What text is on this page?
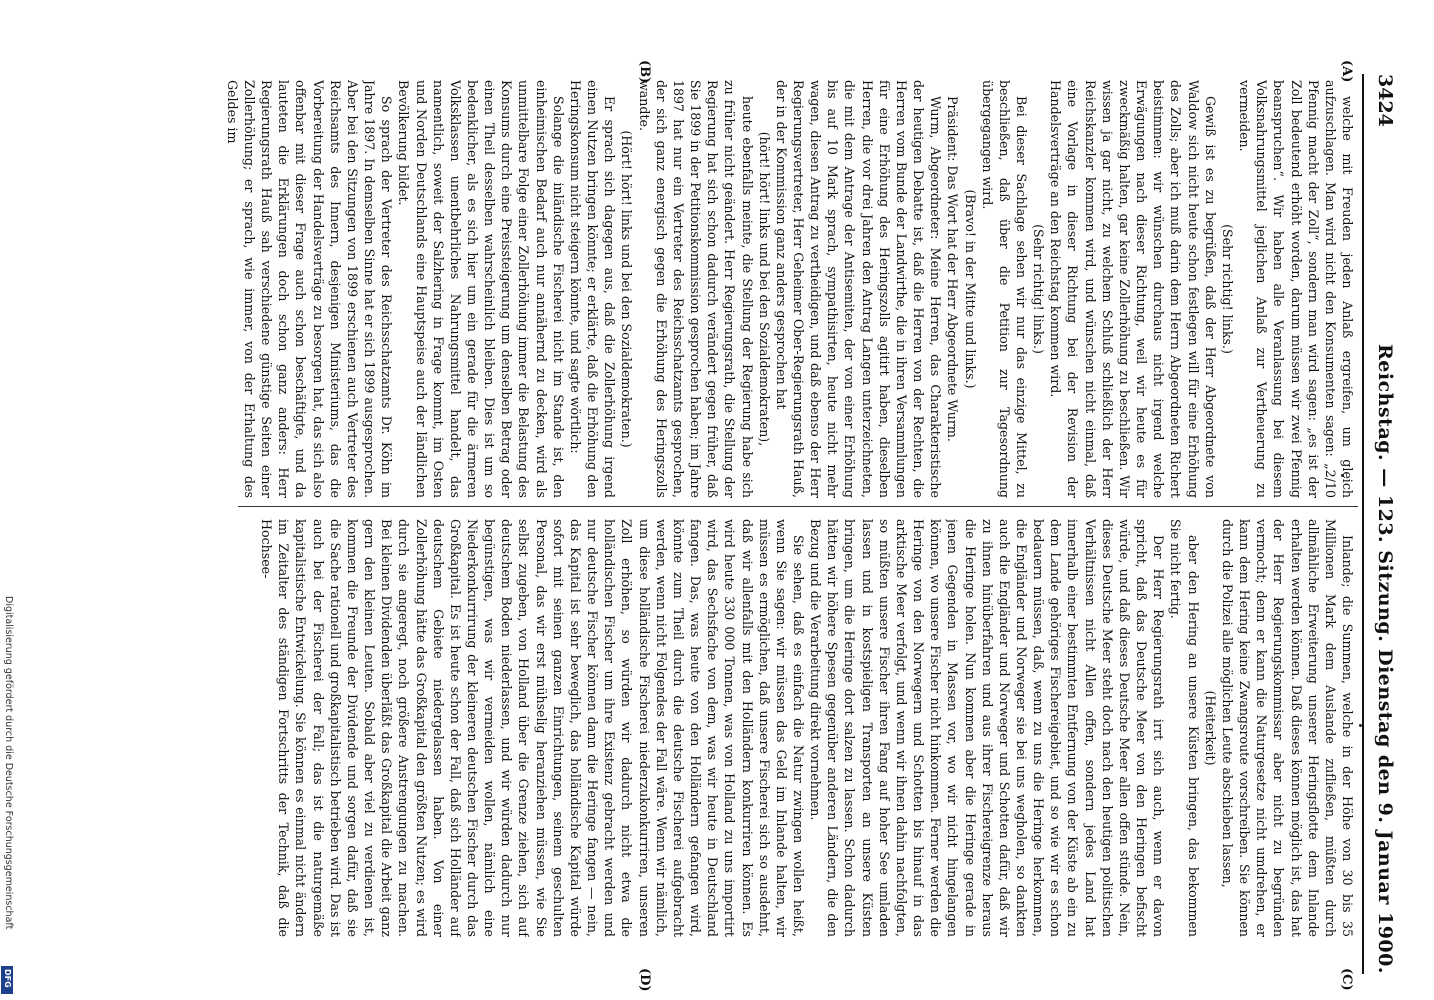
Digitalisierung gefördert durch die Deutsche Forschungsgemeinschaft
DFG
3424
Reichstag. — 123. Sitzung.
Dienstag den 9. Januar 1900.
(A)
(B)
(C)
(D)

welche mit Freuden jeden Anlaß ergreifen, um gleich aufzuschlagen. Man wird nicht den Konsumenten sagen: „2/10 Pfennig macht der Zoll“, sondern man wird sagen: „es ist der Zoll bedeutend erhöht worden, darum müssen wir zwei Pfennig beanspruchen“. Wir haben alle Veranlassung bei diesem Volksnahrungsmittel jeglichen Anlaß zur Vertheuerung zu vermeiden.

(Sehr richtig! links.)

Gewiß ist es zu begrüßen, daß der Herr Abgeordnete von Waldow sich nicht heute schon festlegen will für eine Erhöhung des Zolls; aber ich muß darin dem Herrn Abgeordneten Richert beistimmen: wir wünschen durchaus nicht irgend welche Erwägungen nach dieser Richtung, weil wir heute es für zweckmäßig halten, gar keine Zollerhöhung zu beschließen. Wir wissen ja gar nicht, zu welchem Schluß schließlich der Herr Reichskanzler kommen wird, und wünschen nicht einmal, daß eine Vorlage in dieser Richtung bei der Revision der Handelsverträge an den Reichstag kommen wird.

(Sehr richtig! links.)

Bei dieser Sachlage sehen wir nur das einzige Mittel, zu beschließen, daß über die Petition zur Tagesordnung übergegangen wird.

(Bravo! in der Mitte und links.)

Präsident: Das Wort hat der Herr Abgeordnete Wurm.

Wurm, Abgeordneter: Meine Herren, das Charakteristische der heutigen Debatte ist, daß die Herren von der Rechten, die Herren vom Bunde der Landwirthe, die in ihren Versammlungen für eine Erhöhung des Heringszolls agitirt haben, dieselben Herren, die vor drei Jahren den Antrag Langen unterzeichneten, die mit dem Antrage der Antisemiten, der von einer Erhöhung bis auf 10 Mark sprach, sympathisirten, heute nicht mehr wagen, diesen Antrag zu vertheidigen, und daß ebenso der Herr Regierungsvertreter, Herr Geheimer Ober-Regierungsrath Hauß, der in der Kommission ganz anders gesprochen hat

(hört! hört! links und bei den Sozialdemokraten),

heute ebenfalls meinte, die Stellung der Regierung habe sich zu früher nicht geändert. Herr Regierungsrath, die Stellung der Regierung hat sich schon dadurch verändert gegen früher, daß Sie 1899 in der Petitionskommission gesprochen haben; im Jahre 1897 hat nur ein Vertreter des Reichsschatzamts gesprochen, der sich ganz energisch gegen die Erhöhung des Heringszolls wandte.

(Hört! hört! links und bei den Sozialdemokraten.)

Er sprach sich dagegen aus, daß die Zollerhöhung irgend einen Nutzen bringen könnte; er erklärte, daß die Erhöhung den Heringskonsum nicht steigern könnte, und sagte wörtlich:

Solange die inländische Fischerei nicht im Stande ist, den einheimischen Bedarf auch nur annähernd zu decken, wird als unmittelbare Folge einer Zollerhöhung immer die Belastung des Konsums durch eine Preissteigerung um denselben Betrag oder einen Theil desselben wahrscheinlich bleiben. Dies ist um so bedenklicher, als es sich hier um ein gerade für die ärmeren Volksklassen unentbehrliches Nahrungsmittel handelt, das namentlich, soweit der Salzhering in Frage kommt, im Osten und Norden Deutschlands eine Hauptspeise auch der ländlichen Bevölkerung bildet.

So sprach der Vertreter des Reichsschatzamts Dr. Köhn im Jahre 1897. In demselben Sinne hat er sich 1899 ausgesprochen. Aber bei den Sitzungen von 1899 erschienen auch Vertreter des Reichsamts des Innern, desjenigen Ministeriums, das die Vorbereitung der Handelsverträge zu besorgen hat, das sich also offenbar mit dieser Frage auch schon beschäftigte, und da lauteten die Erklärungen doch schon ganz anders: Herr Regierungsrath Hauß sah verschiedene günstige Seiten einer Zollerhöhung; er sprach, wie immer, von der Erhaltung des Geldes im

Inlande; die Summen, welche in der Höhe von 30 bis 35 Millionen Mark dem Auslande zufließen, müßten durch allmähliche Erweiterung unserer Heringsflotte dem Inlande erhalten werden können. Daß dieses können möglich ist, das hat der Herr Regierungskommissar aber nicht zu begründen vermocht; denn er kann die Naturgesetze nicht umdrehen, er kann dem Hering keine Zwangsroute vorschreiben. Sie können durch die Polizei alle möglichen Leute abschieben lassen,

(Heiterkeit)

aber den Hering an unsere Küsten bringen, das bekommen Sie nicht fertig.

Der Herr Regierungsrath irrt sich auch, wenn er davon spricht, daß das Deutsche Meer von den Heringen befischt würde, und daß dieses Deutsche Meer allen offen stünde. Nein, dieses Deutsche Meer steht doch nach den heutigen politischen Verhältnissen nicht Allen offen, sondern jedes Land hat innerhalb einer bestimmten Entfernung von der Küste ab ein zu dem Lande gehöriges Fischereigebiet, und so wie wir es schon bedauern müssen, daß, wenn zu uns die Heringe herkommen, die Engländer und Norweger sie bei uns wegholen, so dankten auch die Engländer und Norweger und Schotten dafür, daß wir zu ihnen hinüberfahren und aus ihrer Fischereigrenze heraus die Heringe holen. Nun kommen aber die Heringe gerade in jenen Gegenden in Massen vor, wo wir nicht hingelangen können, wo unsere Fischer nicht hinkommen. Ferner werden die Heringe von den Norwegern und Schotten bis hinauf in das arktische Meer verfolgt, und wenn wir ihnen dahin nachfolgten, so müßten unsere Fischer ihren Fang auf hoher See umladen lassen und in kostspieligen Transporten an unsere Küsten bringen, um die Heringe dort salzen zu lassen. Schon dadurch hätten wir höhere Spesen gegenüber anderen Ländern, die den Bezug und die Verarbeitung direkt vornehmen.

Sie sehen, daß es einfach die Natur zwingen wollen heißt, wenn Sie sagen: wir müssen das Geld im Inlande halten, wir müssen es ermöglichen, daß unsere Fischerei sich so ausdehnt, daß wir allenfalls mit den Holländern konkurriren können. Es wird heute 330 000 Tonnen, was von Holland zu uns importirt wird, das Sechsfache von dem, was wir heute in Deutschland fangen. Das, was heute von den Holländern gefangen wird, könnte zum Theil durch die deutsche Fischerei aufgebracht werden, wenn nicht Folgendes der Fall wäre. Wenn wir nämlich, um diese holländische Fischerei niederzukonkurriren, unseren Zoll erhöhen, so würden wir dadurch nicht etwa die holländischen Fischer um ihre Existenz gebracht werden und nur deutsche Fischer können dann die Heringe fangen — nein, das Kapital ist sehr beweglich, das holländische Kapital würde sofort mit seinen ganzen Einrichtungen, seinem geschulten Personal, das wir erst mühselig heranziehen müssen, wie Sie selbst zugeben, von Holland über die Grenze ziehen, sich auf deutschem Boden niederlassen, und wir würden dadurch nur begünstigen, was wir vermeiden wollen, nämlich eine Niederkonkurrirung der kleineren deutschen Fischer durch das Großkapital. Es ist heute schon der Fall, daß sich Holländer auf deutschem Gebiete niedergelassen haben. Von einer Zollerhöhung hätte das Großkapital den größten Nutzen; es wird durch sie angeregt, noch größere Anstrengungen zu machen. Bei kleinen Dividenden überläßt das Großkapital die Arbeit ganz gern den kleinen Leuten. Sobald aber viel zu verdienen ist, kommen die Freunde der Dividende und sorgen dafür, daß sie die Sache rationell und großkapitalistisch betrieben wird. Das ist auch bei der Fischerei der Fall; das ist die naturgemäße kapitalistische Entwickelung. Sie können es einmal nicht ändern im Zeitalter des ständigen Fortschritts der Technik, daß die Hochsee-
